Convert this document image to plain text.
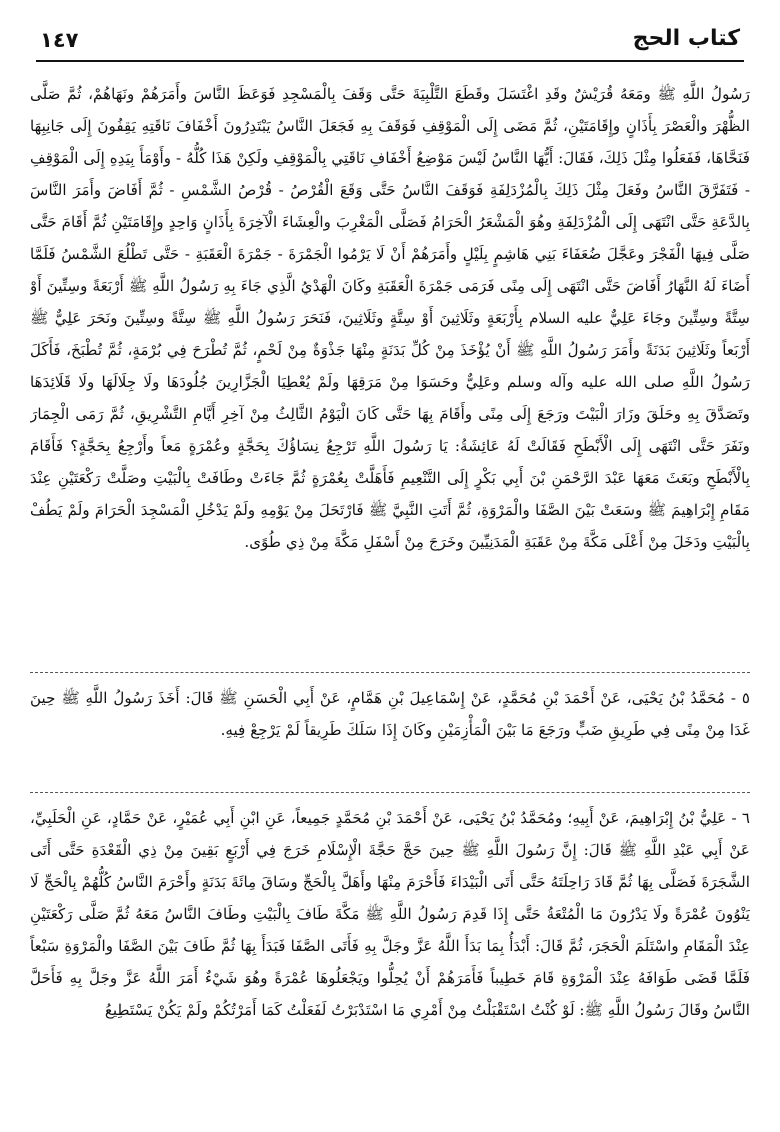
١٤٧	كتاب الحج

رَسُولُ اللَّهِ ﷺ ومَعَهُ قُرَيْشٌ وقَدِ اغْتَسَلَ وقَطَعَ التَّلْبِيَةَ حَتَّى وَقَفَ بِالْمَسْجِدِ فَوَعَظَ النَّاسَ وأَمَرَهُمْ ونَهَاهُمْ، ثُمَّ صَلَّى الظُّهْرَ والْعَصْرَ بِأَذَانٍ وإِقَامَتَيْنِ، ثُمَّ مَضَى إِلَى الْمَوْقِفِ فَوَقَفَ بِهِ فَجَعَلَ النَّاسُ يَبْتَدِرُونَ أَخْفَافَ نَاقَتِهِ يَقِفُونَ إِلَى جَانِبِهَا فَنَحَّاهَا، فَفَعَلُوا مِثْلَ ذَلِكَ، فَقَالَ: أَيُّهَا النَّاسُ لَيْسَ مَوْضِعُ أَخْفَافِ نَاقَتِي بِالْمَوْقِفِ ولَكِنْ هَذَا كُلُّهُ - وأَوْمَأَ بِيَدِهِ إِلَى الْمَوْقِفِ - فَتَفَرَّقَ النَّاسُ وفَعَلَ مِثْلَ ذَلِكَ بِالْمُزْدَلِفَةِ فَوَقَفَ النَّاسُ حَتَّى وَقَعَ الْقُرْصُ - قُرْصُ الشَّمْسِ - ثُمَّ أَفَاضَ وأَمَرَ النَّاسَ بِالدَّعَةِ حَتَّى انْتَهَى إِلَى الْمُزْدَلِفَةِ وهُوَ الْمَشْعَرُ الْحَرَامُ فَصَلَّى الْمَغْرِبَ والْعِشَاءَ الْآخِرَةَ بِأَذَانٍ وَاحِدٍ وإِقَامَتَيْنِ ثُمَّ أَقَامَ حَتَّى صَلَّى فِيهَا الْفَجْرَ وعَجَّلَ ضُعَفَاءَ بَنِي هَاشِمٍ بِلَيْلٍ وأَمَرَهُمْ أَنْ لَا يَرْمُوا الْجَمْرَةَ - جَمْرَةَ الْعَقَبَةِ - حَتَّى تَطْلُعَ الشَّمْسُ فَلَمَّا أَضَاءَ لَهُ النَّهَارُ أَفَاضَ حَتَّى انْتَهَى إِلَى مِنًى فَرَمَى جَمْرَةَ الْعَقَبَةِ وكَانَ الْهَدْيُ الَّذِي جَاءَ بِهِ رَسُولُ اللَّهِ ﷺ أَرْبَعَةً وسِتِّينَ أَوْ سِتَّةً وسِتِّينَ وجَاءَ عَلِيٌّ عليه السلام بِأَرْبَعَةٍ وثَلَاثِينَ أَوْ سِتَّةٍ وثَلَاثِينَ، فَنَحَرَ رَسُولُ اللَّهِ ﷺ سِتَّةً وسِتِّينَ ونَحَرَ عَلِيٌّ ﷺ أَرْبَعاً وثَلَاثِينَ بَدَنَةً وأَمَرَ رَسُولُ اللَّهِ ﷺ أَنْ يُؤْخَذَ مِنْ كُلِّ بَدَنَةٍ مِنْهَا جَذْوَةٌ مِنْ لَحْمٍ، ثُمَّ تُطْرَحَ فِي بُرْمَةٍ، ثُمَّ تُطْبَخَ، فَأَكَلَ رَسُولُ اللَّهِ صلى الله عليه وآله وسلم وعَلِيٌّ وحَسَوَا مِنْ مَرَقِهَا ولَمْ يُعْطِيَا الْجَزَّارِينَ جُلُودَهَا ولَا جِلَالَهَا ولَا قَلَائِدَهَا وتَصَدَّقَ بِهِ وحَلَقَ وزَارَ الْبَيْتَ ورَجَعَ إِلَى مِنًى وأَقَامَ بِهَا حَتَّى كَانَ الْيَوْمُ الثَّالِثُ مِنْ آخِرِ أَيَّامِ التَّشْرِيقِ، ثُمَّ رَمَى الْجِمَارَ ونَفَرَ حَتَّى انْتَهَى إِلَى الْأَبْطَحِ فَقَالَتْ لَهُ عَائِشَةُ: يَا رَسُولَ اللَّهِ تَرْجِعُ نِسَاؤُكَ بِحَجَّةٍ وعُمْرَةٍ مَعاً وأَرْجِعُ بِحَجَّةٍ؟ فَأَقَامَ بِالْأَبْطَحِ وبَعَثَ مَعَهَا عَبْدَ الرَّحْمَنِ بْنَ أَبِي بَكْرٍ إِلَى التَّنْعِيمِ فَأَهَلَّتْ بِعُمْرَةٍ ثُمَّ جَاءَتْ وطَافَتْ بِالْبَيْتِ وصَلَّتْ رَكْعَتَيْنِ عِنْدَ مَقَامِ إِبْرَاهِيمَ ﷺ وسَعَتْ بَيْنَ الصَّفَا والْمَرْوَةِ، ثُمَّ أَتَتِ النَّبِيَّ ﷺ فَارْتَحَلَ مِنْ يَوْمِهِ ولَمْ يَدْخُلِ الْمَسْجِدَ الْحَرَامَ ولَمْ يَطُفْ بِالْبَيْتِ ودَخَلَ مِنْ أَعْلَى مَكَّةَ مِنْ عَقَبَةِ الْمَدَنِيِّينَ وخَرَجَ مِنْ أَسْفَلِ مَكَّةَ مِنْ ذِي طُوًى.

٥ - مُحَمَّدُ بْنُ يَحْيَى، عَنْ أَحْمَدَ بْنِ مُحَمَّدٍ، عَنْ إِسْمَاعِيلَ بْنِ هَمَّامٍ، عَنْ أَبِي الْحَسَنِ ﷺ قَالَ: أَخَذَ رَسُولُ اللَّهِ ﷺ حِينَ غَدَا مِنْ مِنًى فِي طَرِيقِ ضَبٍّ ورَجَعَ مَا بَيْنَ الْمَأْزِمَيْنِ وكَانَ إِذَا سَلَكَ طَرِيقاً لَمْ يَرْجِعْ فِيهِ.

٦ - عَلِيُّ بْنُ إِبْرَاهِيمَ، عَنْ أَبِيهِ؛ ومُحَمَّدُ بْنُ يَحْيَى، عَنْ أَحْمَدَ بْنِ مُحَمَّدٍ جَمِيعاً، عَنِ ابْنِ أَبِي عُمَيْرٍ، عَنْ حَمَّادٍ، عَنِ الْحَلَبِيِّ، عَنْ أَبِي عَبْدِ اللَّهِ ﷺ قَالَ: إِنَّ رَسُولَ اللَّهِ ﷺ حِينَ حَجَّ حَجَّةَ الْإِسْلَامِ خَرَجَ فِي أَرْبَعٍ بَقِينَ مِنْ ذِي الْقَعْدَةِ حَتَّى أَتَى الشَّجَرَةَ فَصَلَّى بِهَا ثُمَّ قَادَ رَاحِلَتَهُ حَتَّى أَتَى الْبَيْدَاءَ فَأَحْرَمَ مِنْهَا وأَهَلَّ بِالْحَجِّ وسَاقَ مِائَةَ بَدَنَةٍ وأَحْرَمَ النَّاسُ كُلُّهُمْ بِالْحَجِّ لَا يَنْوُونَ عُمْرَةً ولَا يَدْرُونَ مَا الْمُتْعَةُ حَتَّى إِذَا قَدِمَ رَسُولُ اللَّهِ ﷺ مَكَّةَ طَافَ بِالْبَيْتِ وطَافَ النَّاسُ مَعَهُ ثُمَّ صَلَّى رَكْعَتَيْنِ عِنْدَ الْمَقَامِ واسْتَلَمَ الْحَجَرَ، ثُمَّ قَالَ: أَبْدَأُ بِمَا بَدَأَ اللَّهُ عَزَّ وجَلَّ بِهِ فَأَتَى الصَّفَا فَبَدَأَ بِهَا ثُمَّ طَافَ بَيْنَ الصَّفَا والْمَرْوَةِ سَبْعاً فَلَمَّا قَضَى طَوَافَهُ عِنْدَ الْمَرْوَةِ قَامَ خَطِيباً فَأَمَرَهُمْ أَنْ يُحِلُّوا ويَجْعَلُوهَا عُمْرَةً وهُوَ شَيْءٌ أَمَرَ اللَّهُ عَزَّ وجَلَّ بِهِ فَأَحَلَّ النَّاسُ وقَالَ رَسُولُ اللَّهِ ﷺ: لَوْ كُنْتُ اسْتَقْبَلْتُ مِنْ أَمْرِي مَا اسْتَدْبَرْتُ لَفَعَلْتُ كَمَا أَمَرْتُكُمْ ولَمْ يَكُنْ يَسْتَطِيعُ
